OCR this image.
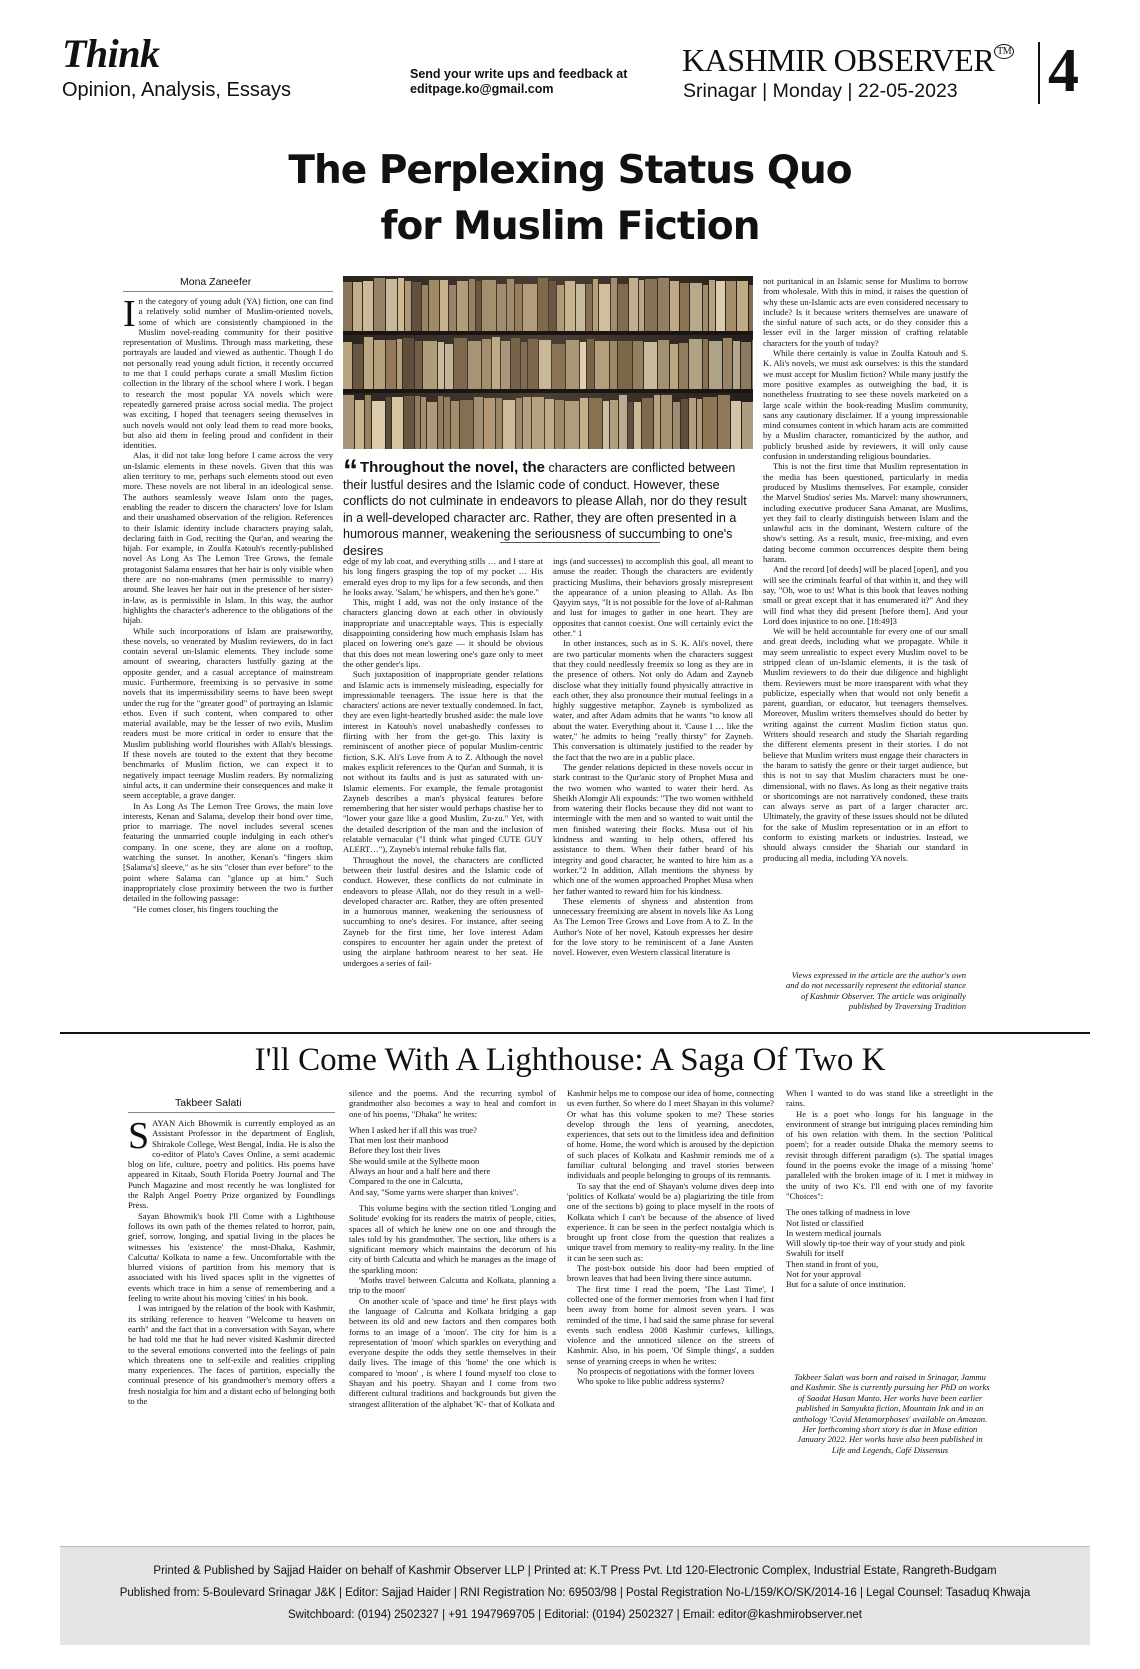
Think
Opinion, Analysis, Essays
Send your write ups and feedback at
editpage.ko@gmail.com
KASHMIR OBSERVER ™
Srinagar | Monday | 22-05-2023 4
The Perplexing Status Quo
for Muslim Fiction
Mona Zaneefer

In the category of young adult (YA) fiction, one can find a relatively solid number of Muslim-oriented novels, some of which are consistently championed in the Muslim novel-reading community for their positive representation of Muslims. Through mass marketing, these portrayals are lauded and viewed as authentic. Though I do not personally read young adult fiction, it recently occurred to me that I could perhaps curate a small Muslim fiction collection in the library of the school where I work. I began to research the most popular YA novels which were repeatedly garnered praise across social media. The project was exciting, I hoped that teenagers seeing themselves in such novels would not only lead them to read more books, but also aid them in feeling proud and confident in their identities.

Alas, it did not take long before I came across the very un-Islamic elements in these novels. Given that this was alien territory to me, perhaps such elements stood out even more. These novels are not liberal in an ideological sense. The authors seamlessly weave Islam onto the pages, enabling the reader to discern the characters' love for Islam and their unashamed observation of the religion. References to their Islamic identity include characters praying salah, declaring faith in God, reciting the Qur'an, and wearing the hijab. For example, in Zoulfa Katouh's recently-published novel As Long As The Lemon Tree Grows, the female protagonist Salama ensures that her hair is only visible when there are no non-mahrams (men permissible to marry) around. She leaves her hair out in the presence of her sister-in-law, as is permissible in Islam. In this way, the author highlights the character's adherence to the obligations of the hijab.

While such incorporations of Islam are praiseworthy, these novels, so venerated by Muslim reviewers, do in fact contain several un-Islamic elements. They include some amount of swearing, characters lustfully gazing at the opposite gender, and a casual acceptance of mainstream music. Furthermore, freemixing is so pervasive in some novels that its impermissibility seems to have been swept under the rug for the "greater good" of portraying an Islamic ethos. Even if such content, when compared to other material available, may be the lesser of two evils, Muslim readers must be more critical in order to ensure that the Muslim publishing world flourishes with Allah's blessings. If these novels are touted to the extent that they become benchmarks of Muslim fiction, we can expect it to negatively impact teenage Muslim readers. By normalizing sinful acts, it can undermine their consequences and make it seem acceptable, a grave danger.

In As Long As The Lemon Tree Grows, the main love interests, Kenan and Salama, develop their bond over time, prior to marriage. The novel includes several scenes featuring the unmarried couple indulging in each other's company. In one scene, they are alone on a rooftop, watching the sunset. In another, Kenan's "fingers skim [Salama's] sleeve," as he sits "closer than ever before" to the point where Salama can "glance up at him." Such inappropriately close proximity between the two is further detailed in the following passage:

"He comes closer, his fingers touching the

“ Throughout the novel, the characters are conflicted between their lustful desires and the Islamic code of conduct. However, these conflicts do not culminate in endeavors to please Allah, nor do they result in a well-developed character arc. Rather, they are often presented in a humorous manner, weakening the seriousness of succumbing to one's desires

edge of my lab coat, and everything stills … and I stare at his long fingers grasping the top of my pocket … His emerald eyes drop to my lips for a few seconds, and then he looks away. 'Salam,' he whispers, and then he's gone."

This, might I add, was not the only instance of the characters glancing down at each other in obviously inappropriate and unacceptable ways. This is especially disappointing considering how much emphasis Islam has placed on lowering one's gaze — it should be obvious that this does not mean lowering one's gaze only to meet the other gender's lips.

Such juxtaposition of inappropriate gender relations and Islamic acts is immensely misleading, especially for impressionable teenagers. The issue here is that the characters' actions are never textually condemned. In fact, they are even light-heartedly brushed aside: the male love interest in Katouh's novel unabashedly confesses to flirting with her from the get-go. This laxity is reminiscent of another piece of popular Muslim-centric fiction, S.K. Ali's Love from A to Z. Although the novel makes explicit references to the Qur'an and Sunnah, it is not without its faults and is just as saturated with un-Islamic elements. For example, the female protagonist Zayneb describes a man's physical features before remembering that her sister would perhaps chastise her to "lower your gaze like a good Muslim, Zu-zu." Yet, with the detailed description of the man and the inclusion of relatable vernacular ("I think what pinged CUTE GUY ALERT…"), Zayneb's internal rebuke falls flat.

Throughout the novel, the characters are conflicted between their lustful desires and the Islamic code of conduct. However, these conflicts do not culminate in endeavors to please Allah, nor do they result in a well-developed character arc. Rather, they are often presented in a humorous manner, weakening the seriousness of succumbing to one's desires. For instance, after seeing Zayneb for the first time, her love interest Adam conspires to encounter her again under the pretext of using the airplane bathroom nearest to her seat. He undergoes a series of fail-

ings (and successes) to accomplish this goal, all meant to amuse the reader. Though the characters are evidently practicing Muslims, their behaviors grossly misrepresent the appearance of a union pleasing to Allah. As Ibn Qayyim says, "It is not possible for the love of al-Rahman and lust for images to gather in one heart. They are opposites that cannot coexist. One will certainly evict the other." 1

In other instances, such as in S. K. Ali's novel, there are two particular moments when the characters suggest that they could needlessly freemix so long as they are in the presence of others. Not only do Adam and Zayneb disclose what they initially found physically attractive in each other, they also pronounce their mutual feelings in a highly suggestive metaphor. Zayneb is symbolized as water, and after Adam admits that he wants "to know all about the water. Everything about it. 'Cause I … like the water," he admits to being "really thirsty" for Zayneb. This conversation is ultimately justified to the reader by the fact that the two are in a public place.

The gender relations depicted in these novels occur in stark contrast to the Qur'anic story of Prophet Musa and the two women who wanted to water their herd. As Sheikh Alomgir Ali expounds: "The two women withheld from watering their flocks because they did not want to intermingle with the men and so wanted to wait until the men finished watering their flocks. Musa out of his kindness and wanting to help others, offered his assistance to them. When their father heard of his integrity and good character, he wanted to hire him as a worker."2 In addition, Allah mentions the shyness by which one of the women approached Prophet Musa when her father wanted to reward him for his kindness.

These elements of shyness and abstention from unnecessary freemixing are absent in novels like As Long As The Lemon Tree Grows and Love from A to Z. In the Author's Note of her novel, Katouh expresses her desire for the love story to be reminiscent of a Jane Austen novel. However, even Western classical literature is

not puritanical in an Islamic sense for Muslims to borrow from wholesale. With this in mind, it raises the question of why these un-Islamic acts are even considered necessary to include? Is it because writers themselves are unaware of the sinful nature of such acts, or do they consider this a lesser evil in the larger mission of crafting relatable characters for the youth of today?

While there certainly is value in Zoulfa Katouh and S. K. Ali's novels, we must ask ourselves: is this the standard we must accept for Muslim fiction? While many justify the more positive examples as outweighing the bad, it is nonetheless frustrating to see these novels marketed on a large scale within the book-reading Muslim community, sans any cautionary disclaimer. If a young impressionable mind consumes content in which haram acts are committed by a Muslim character, romanticized by the author, and publicly brushed aside by reviewers, it will only cause confusion in understanding religious boundaries.

This is not the first time that Muslim representation in the media has been questioned, particularly in media produced by Muslims themselves. For example, consider the Marvel Studios' series Ms. Marvel: many showrunners, including executive producer Sana Amanat, are Muslims, yet they fail to clearly distinguish between Islam and the unlawful acts in the dominant, Western culture of the show's setting. As a result, music, free-mixing, and even dating become common occurrences despite them being haram.

And the record [of deeds] will be placed [open], and you will see the criminals fearful of that within it, and they will say, "Oh, woe to us! What is this book that leaves nothing small or great except that it has enumerated it?" And they will find what they did present [before them]. And your Lord does injustice to no one. [18:49]3

We will be held accountable for every one of our small and great deeds, including what we propagate. While it may seem unrealistic to expect every Muslim novel to be stripped clean of un-Islamic elements, it is the task of Muslim reviewers to do their due diligence and highlight them. Reviewers must be more transparent with what they publicize, especially when that would not only benefit a parent, guardian, or educator, but teenagers themselves. Moreover, Muslim writers themselves should do better by writing against the current Muslim fiction status quo. Writers should research and study the Shariah regarding the different elements present in their stories. I do not believe that Muslim writers must engage their characters in the haram to satisfy the genre or their target audience, but this is not to say that Muslim characters must be one-dimensional, with no flaws. As long as their negative traits or shortcomings are not narratively condoned, these traits can always serve as part of a larger character arc. Ultimately, the gravity of these issues should not be diluted for the sake of Muslim representation or in an effort to conform to existing markets or industries. Instead, we should always consider the Shariah our standard in producing all media, including YA novels.

Views expressed in the article are the author's own and do not necessarily represent the editorial stance of Kashmir Observer. The article was originally published by Traversing Tradition
I'll Come With A Lighthouse: A Saga Of Two K
Takbeer Salati

SAYAN Aich Bhowmik is currently employed as an Assistant Professor in the department of English, Shirakole College, West Bengal, India. He is also the co-editor of Plato's Caves Online, a semi academic blog on life, culture, poetry and politics. His poems have appeared in Kitaab, South Florida Poetry Journal and The Punch Magazine and most recently he was longlisted for the Ralph Angel Poetry Prize organized by Foundlings Press.

Sayan Bhowmik's book I'll Come with a Lighthouse follows its own path of the themes related to horror, pain, grief, sorrow, longing, and spatial living in the places he witnesses his 'existence' the most-Dhaka, Kashmir, Calcutta/ Kolkata to name a few. Uncomfortable with the blurred visions of partition from his memory that is associated with his lived spaces split in the vignettes of events which trace in him a sense of remembering and a feeling to write about his moving 'cities' in his book.

I was intrigued by the relation of the book with Kashmir, its striking reference to heaven "Welcome to heaven on earth" and the fact that in a conversation with Sayan, where he had told me that he had never visited Kashmir directed to the several emotions converted into the feelings of pain which threatens one to self-exile and realities crippling many experiences. The faces of partition, especially the continual presence of his grandmother's memory offers a fresh nostalgia for him and a distant echo of belonging both to the

silence and the poems. And the recurring symbol of grandmother also becomes a way to heal and comfort in one of his poems, "Dhaka" he writes:

When I asked her if all this was true?
That men lost their manhood
Before they lost their lives
She would smile at the Sylhette moon
Always an hour and a half here and there
Compared to the one in Calcutta,
And say, "Some yarns were sharper than knives".

This volume begins with the section titled 'Longing and Solitude' evoking for its readers the matrix of people, cities, spaces all of which he knew one on one and through the tales told by his grandmother. The section, like others is a significant memory which maintains the decorum of his city of birth Calcutta and which he manages as the image of the sparkling moon:

'Moths travel between Calcutta and Kolkata, planning a trip to the moon'

On another scale of 'space and time' he first plays with the language of Calcutta and Kolkata bridging a gap between its old and new factors and then compares both forms to an image of a 'moon'. The city for him is a representation of 'moon' which sparkles on everything and everyone despite the odds they settle themselves in their daily lives. The image of this 'home' the one which is compared to 'moon' , is where I found myself too close to Shayan and his poetry. Shayan and I come from two different cultural traditions and backgrounds but given the strangest alliteration of the alphabet 'K'- that of Kolkata and

Kashmir helps me to compose our idea of home, connecting us even further. So where do I meet Shayan in this volume? Or what has this volume spoken to me? These stories develop through the lens of yearning, anecdotes, experiences, that sets out to the limitless idea and definition of home. Home, the word which is aroused by the depiction of such places of Kolkata and Kashmir reminds me of a familiar cultural belonging and travel stories between individuals and people belonging to groups of its remnants.

To say that the end of Shayan's volume dives deep into 'politics of Kolkata' would be a) plagiarizing the title from one of the sections b) going to place myself in the roots of Kolkata which I can't be because of the absence of lived experience. It can be seen in the perfect nostalgia which is brought up front close from the question that realizes a unique travel from memory to reality-my reality. In the line it can be seen such as:

The post-box outside his door had been emptied of brown leaves that had been living there since autumn.

The first time I read the poem, 'The Last Time', I collected one of the former memories from when I had first been away from home for almost seven years. I was reminded of the time, I had said the same phrase for several events such endless 2008 Kashmir curfews, killings, violence and the unnoticed silence on the streets of Kashmir. Also, in his poem, 'Of Simple things', a sudden sense of yearning creeps in when he writes:

No prospects of negotiations with the former lovers

Who spoke to like public address systems?

When I wanted to do was stand like a streetlight in the rains.

He is a poet who longs for his language in the environment of strange but intriguing places reminding him of his own relation with them. In the section 'Political poem'; for a reader outside Dhaka the memory seems to revisit through different paradigm (s). The spatial images found in the poems evoke the image of a missing 'home' paralleled with the broken image of it. I met it midway in the unity of two K's. I'll end with one of my favorite "Choices":

The ones talking of madness in love
Not listed or classified
In western medical journals
Will slowly tip-toe their way of your study and pink
Swahili for itself
Then stand in front of you,
Not for your approval
But for a salute of once institution.
Takbeer Salati was born and raised in Srinagar, Jammu and Kashmir. She is currently pursuing her PhD on works of Saadat Hasan Manto. Her works have been earlier published in Samyukta fiction, Mountain Ink and in an anthology 'Covid Metamorphoses' available on Amazon. Her forthcoming short story is due in Muse edition January 2022. Her works have also been published in Life and Legends, Café Dissensus
Printed & Published by Sajjad Haider on behalf of Kashmir Observer LLP | Printed at: K.T Press Pvt. Ltd 120-Electronic Complex, Industrial Estate, Rangreth-Budgam
Published from: 5-Boulevard Srinagar J&K | Editor: Sajjad Haider | RNI Registration No: 69503/98 | Postal Registration No-L/159/KO/SK/2014-16 | Legal Counsel: Tasaduq Khwaja
Switchboard: (0194) 2502327 | +91 1947969705 | Editorial: (0194) 2502327 | Email: editor@kashmirobserver.net
